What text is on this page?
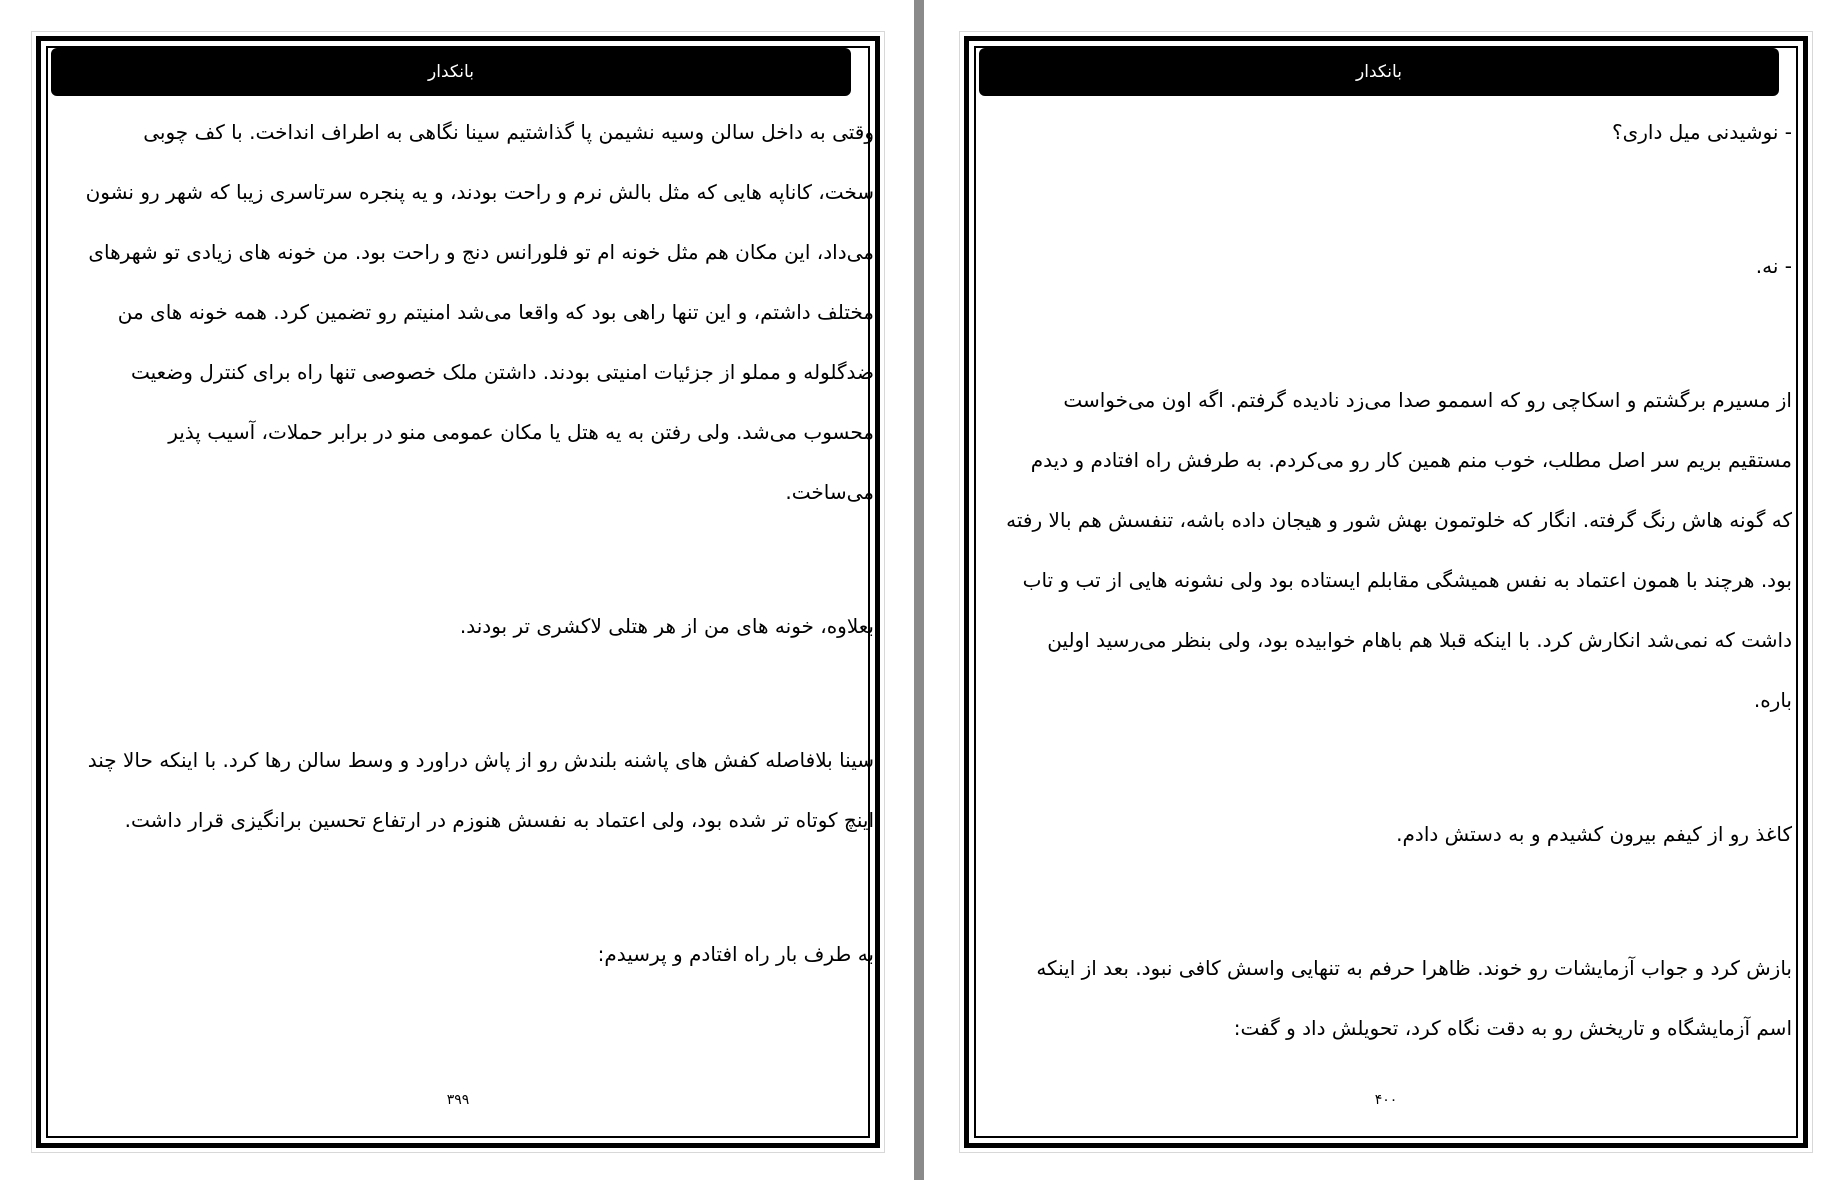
بانکدار

وقتی به داخل سالن وسیه نشیمن پا گذاشتیم سینا نگاهی به اطراف انداخت. با کف چوبی سخت، کاناپه هایی که مثل بالش نرم و راحت بودند، و یه پنجره سرتاسری زیبا که شهر رو نشون می‌داد، این مکان هم مثل خونه ام تو فلورانس دنج و راحت بود. من خونه های زیادی تو شهرهای مختلف داشتم، و این تنها راهی بود که واقعا می‌شد امنیتم رو تضمین کرد. همه خونه های من ضدگلوله و مملو از جزئیات امنیتی بودند. داشتن ملک خصوصی تنها راه برای کنترل وضعیت محسوب می‌شد. ولی رفتن به یه هتل یا مکان عمومی منو در برابر حملات، آسیب پذیر می‌ساخت.

بعلاوه، خونه های من از هر هتلی لاکشری تر بودند.

سینا بلافاصله کفش های پاشنه بلندش رو از پاش دراورد و وسط سالن رها کرد. با اینکه حالا چند اینچ کوتاه تر شده بود، ولی اعتماد به نفسش هنوزم در ارتفاع تحسین برانگیزی قرار داشت.

به طرف بار راه افتادم و پرسیدم:

۳۹۹
بانکدار

- نوشیدنی میل داری؟

- نه.

از مسیرم برگشتم و اسکاچی رو که اسممو صدا می‌زد نادیده گرفتم. اگه اون می‌خواست مستقیم بریم سر اصل مطلب، خوب منم همین کار رو می‌کردم. به طرفش راه افتادم و دیدم که گونه هاش رنگ گرفته. انگار که خلوتمون بهش شور و هیجان داده باشه، تنفسش هم بالا رفته بود. هرچند با همون اعتماد به نفس همیشگی مقابلم ایستاده بود ولی نشونه هایی از تب و تاب داشت که نمی‌شد انکارش کرد. با اینکه قبلا هم باهام خوابیده بود، ولی بنظر می‌رسید اولین باره.

کاغذ رو از کیفم بیرون کشیدم و به دستش دادم.

بازش کرد و جواب آزمایشات رو خوند. ظاهرا حرفم به تنهایی واسش کافی نبود. بعد از اینکه اسم آزمایشگاه و تاریخش رو به دقت نگاه کرد، تحویلش داد و گفت:

۴۰۰
